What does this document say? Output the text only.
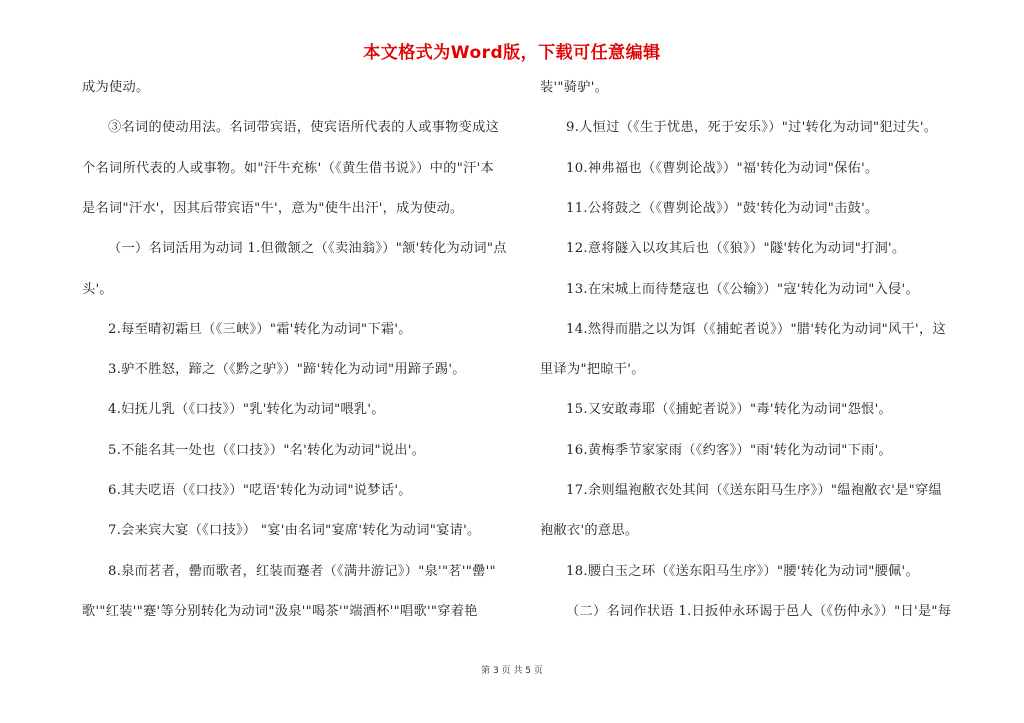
本文格式为Word版，下载可任意编辑
成为使动。
③名词的使动用法。名词带宾语，使宾语所代表的人或事物变成这
个名词所代表的人或事物。如"汗牛充栋'（《黄生借书说》）中的"汗'本
是名词"汗水'，因其后带宾语"牛'，意为"使牛出汗'，成为使动。
（一）名词活用为动词 1.但微颔之（《卖油翁》）"颔'转化为动词"点
头'。
2.每至晴初霜旦（《三峡》）"霜'转化为动词"下霜'。
3.驴不胜怒，蹄之（《黔之驴》）"蹄'转化为动词"用蹄子踢'。
4.妇抚儿乳（《口技》）"乳'转化为动词"喂乳'。
5.不能名其一处也（《口技》）"名'转化为动词"说出'。
6.其夫呓语（《口技》）"呓语'转化为动词"说梦话'。
7.会来宾大宴（《口技》） "宴'由名词"宴席'转化为动词"宴请'。
8.泉而茗者，罍而歌者，红装而蹇者（《满井游记》）"泉'"茗'"罍'"
歌'"红装'"蹇'等分别转化为动词"汲泉'"喝茶'"端酒杯'"唱歌'"穿着艳
装'"骑驴'。
9.人恒过（《生于忧患，死于安乐》）"过'转化为动词"犯过失'。
10.神弗福也（《曹刿论战》）"福'转化为动词"保佑'。
11.公将鼓之（《曹刿论战》）"鼓'转化为动词"击鼓'。
12.意将隧入以攻其后也（《狼》）"隧'转化为动词"打洞'。
13.在宋城上而待楚寇也（《公输》）"寇'转化为动词"入侵'。
14.然得而腊之以为饵（《捕蛇者说》）"腊'转化为动词"风干'，这
里译为"把晾干'。
15.又安敢毒耶（《捕蛇者说》）"毒'转化为动词"怨恨'。
16.黄梅季节家家雨（《约客》）"雨'转化为动词"下雨'。
17.余则缊袍敝衣处其间（《送东阳马生序》）"缊袍敝衣'是"穿缊
袍敝衣'的意思。
18.腰白玉之环（《送东阳马生序》）"腰'转化为动词"腰佩'。
（二）名词作状语 1.日扳仲永环谒于邑人（《伤仲永》）"日'是"每
第 3 页 共 5 页
